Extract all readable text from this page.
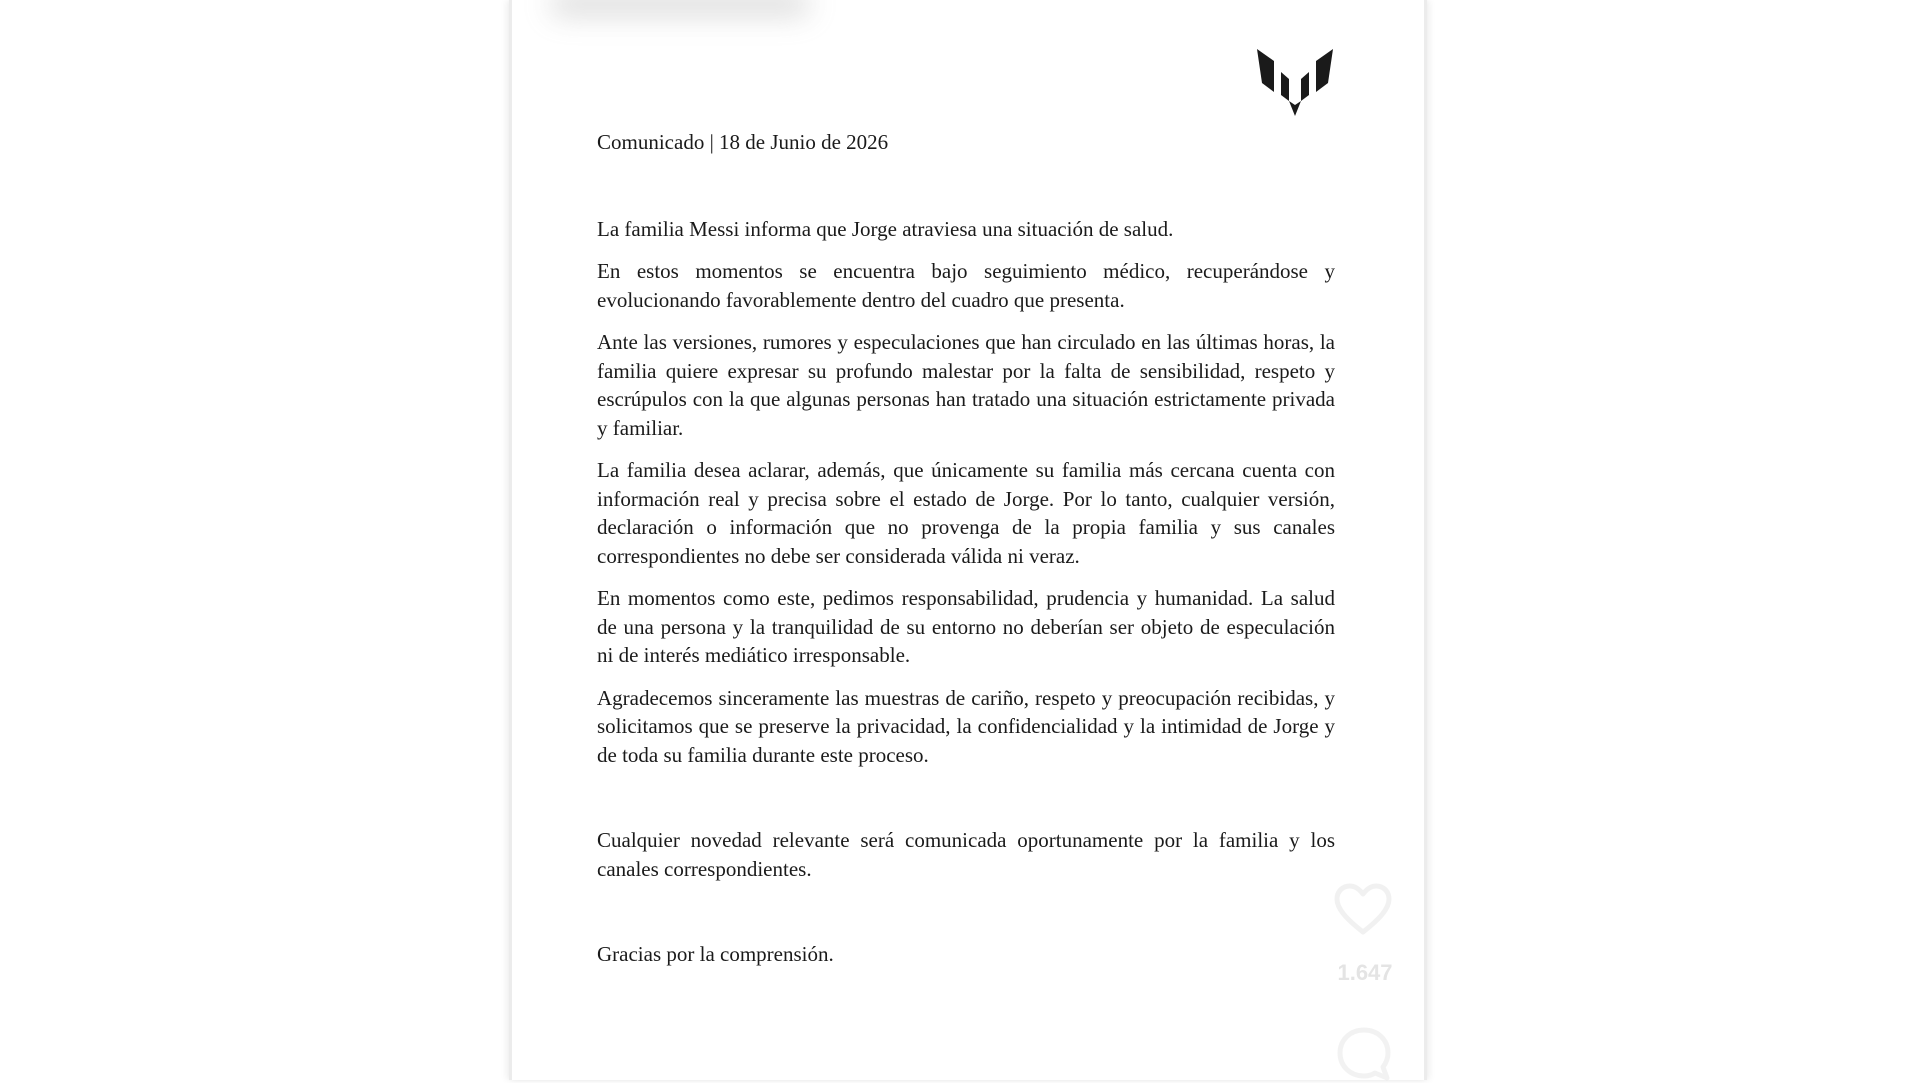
Comunicado | 18 de Junio de 2026

La familia Messi informa que Jorge atraviesa una situación de salud.

En estos momentos se encuentra bajo seguimiento médico, recuperándose y evolucionando favorablemente dentro del cuadro que presenta.

Ante las versiones, rumores y especulaciones que han circulado en las últimas horas, la familia quiere expresar su profundo malestar por la falta de sensibilidad, respeto y escrúpulos con la que algunas personas han tratado una situación estrictamente privada y familiar.

La familia desea aclarar, además, que únicamente su familia más cercana cuenta con información real y precisa sobre el estado de Jorge. Por lo tanto, cualquier versión, declaración o información que no provenga de la propia familia y sus canales correspondientes no debe ser considerada válida ni veraz.

En momentos como este, pedimos responsabilidad, prudencia y humanidad. La salud de una persona y la tranquilidad de su entorno no deberían ser objeto de especulación ni de interés mediático irresponsable.

Agradecemos sinceramente las muestras de cariño, respeto y preocupación recibidas, y solicitamos que se preserve la privacidad, la confidencialidad y la intimidad de Jorge y de toda su familia durante este proceso.

Cualquier novedad relevante será comunicada oportunamente por la familia y los canales correspondientes.

Gracias por la comprensión.

1.647
